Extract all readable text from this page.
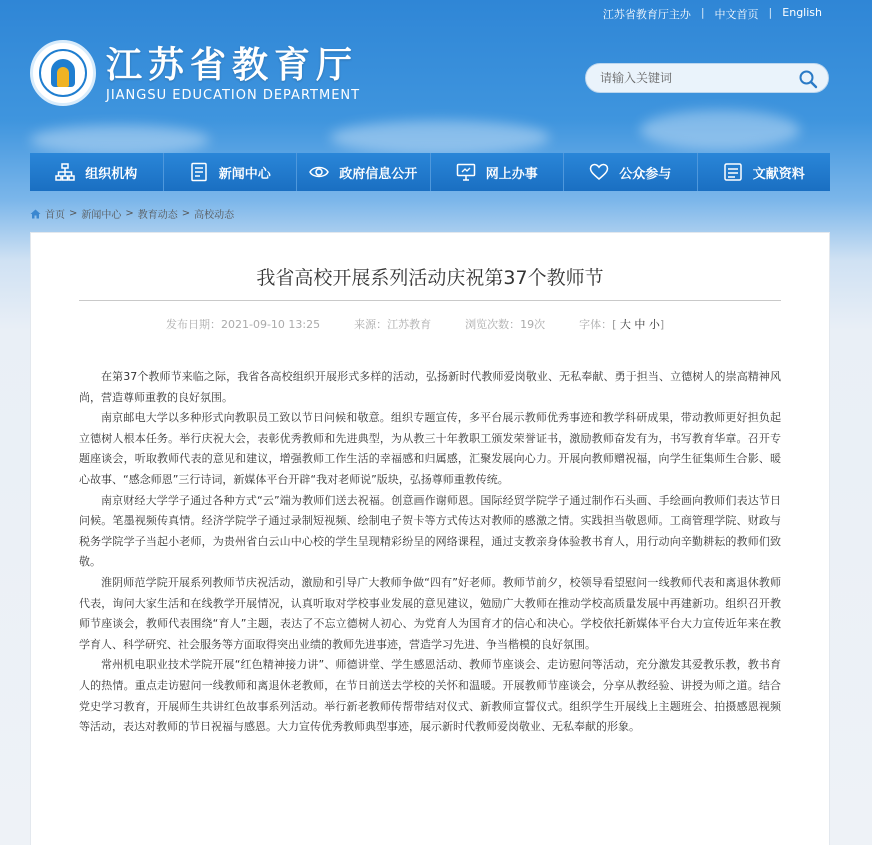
江苏省教育厅主办 | 中文首页 | English
江苏省教育厅
JIANGSU EDUCATION DEPARTMENT
请输入关键词
组织机构	新闻中心	政府信息公开	网上办事	公众参与	文献资料
首页 > 新闻中心 > 教育动态 > 高校动态
我省高校开展系列活动庆祝第37个教师节
发布日期：2021-09-10 13:25	来源：江苏教育	浏览次数：19次	字体：[ 大 中 小]

在第37个教师节来临之际，我省各高校组织开展形式多样的活动，弘扬新时代教师爱岗敬业、无私奉献、勇于担当、立德树人的崇高精神风尚，营造尊师重教的良好氛围。

南京邮电大学以多种形式向教职员工致以节日问候和敬意。组织专题宣传，多平台展示教师优秀事迹和教学科研成果，带动教师更好担负起立德树人根本任务。举行庆祝大会，表彰优秀教师和先进典型，为从教三十年教职工颁发荣誉证书，激励教师奋发有为，书写教育华章。召开专题座谈会，听取教师代表的意见和建议，增强教师工作生活的幸福感和归属感，汇聚发展向心力。开展向教师赠祝福，向学生征集师生合影、暖心故事、“感念师恩”三行诗词，新媒体平台开辟“我对老师说”版块，弘扬尊师重教传统。

南京财经大学学子通过各种方式“云”端为教师们送去祝福。创意画作谢师恩。国际经贸学院学子通过制作石头画、手绘画向教师们表达节日问候。笔墨视频传真情。经济学院学子通过录制短视频、绘制电子贺卡等方式传达对教师的感激之情。实践担当敬恩师。工商管理学院、财政与税务学院学子当起小老师，为贵州省白云山中心校的学生呈现精彩纷呈的网络课程，通过支教亲身体验教书育人，用行动向辛勤耕耘的教师们致敬。

淮阴师范学院开展系列教师节庆祝活动，激励和引导广大教师争做“四有”好老师。教师节前夕，校领导看望慰问一线教师代表和离退休教师代表，询问大家生活和在线教学开展情况，认真听取对学校事业发展的意见建议，勉励广大教师在推动学校高质量发展中再建新功。组织召开教师节座谈会，教师代表围绕“育人”主题，表达了不忘立德树人初心、为党育人为国育才的信心和决心。学校依托新媒体平台大力宣传近年来在教学育人、科学研究、社会服务等方面取得突出业绩的教师先进事迹，营造学习先进、争当楷模的良好氛围。

常州机电职业技术学院开展“红色精神接力讲”、师德讲堂、学生感恩活动、教师节座谈会、走访慰问等活动，充分激发其爱教乐教，教书育人的热情。重点走访慰问一线教师和离退休老教师，在节日前送去学校的关怀和温暖。开展教师节座谈会，分享从教经验、讲授为师之道。结合党史学习教育，开展师生共讲红色故事系列活动。举行新老教师传帮带结对仪式、新教师宣誓仪式。组织学生开展线上主题班会、拍摄感恩视频等活动，表达对教师的节日祝福与感恩。大力宣传优秀教师典型事迹，展示新时代教师爱岗敬业、无私奉献的形象。
